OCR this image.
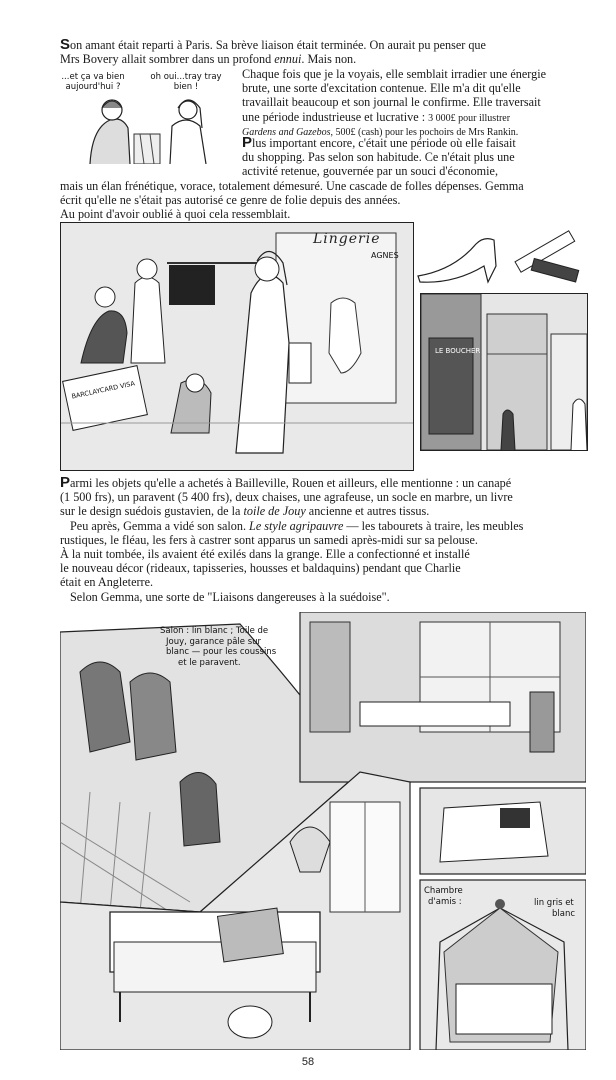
Son amant était reparti à Paris. Sa brève liaison était terminée. On aurait pu penser que

Mrs Bovery allait sombrer dans un profond ennui. Mais non.

...et ça va bien
aujourd'hui ?
oh oui...tray tray
bien !

Chaque fois que je la voyais, elle semblait irradier une énergie

brute, une sorte d'excitation contenue. Elle m'a dit qu'elle

travaillait beaucoup et son journal le confirme. Elle traversait

une période industrieuse et lucrative : 3 000£ pour illustrer

Gardens and Gazebos, 500£ (cash) pour les pochoirs de Mrs Rankin.

Plus important encore, c'était une période où elle faisait

du shopping. Pas selon son habitude. Ce n'était plus une

activité retenue, gouvernée par un souci d'économie,

mais un élan frénétique, vorace, totalement démesuré. Une cascade de folles dépenses. Gemma

écrit qu'elle ne s'était pas autorisé ce genre de folie depuis des années.

Au point d'avoir oublié à quoi cela ressemblait.

Lingerie
AGNES
BARCLAYCARD VISA
LE BOUCHER

Parmi les objets qu'elle a achetés à Bailleville, Rouen et ailleurs, elle mentionne : un canapé

(1 500 frs), un paravent (5 400 frs), deux chaises, une agrafeuse, un socle en marbre, un livre

sur le design suédois gustavien, de la toile de Jouy ancienne et autres tissus.

Peu après, Gemma a vidé son salon. Le style agripauvre — les tabourets à traire, les meubles

rustiques, le fléau, les fers à castrer sont apparus un samedi après-midi sur sa pelouse.

À la nuit tombée, ils avaient été exilés dans la grange. Elle a confectionné et installé

le nouveau décor (rideaux, tapisseries, housses et baldaquins) pendant que Charlie

était en Angleterre.

Selon Gemma, une sorte de "Liaisons dangereuses à la suédoise".

Salon : lin blanc ; Toile de
Jouy, garance pâle sur
blanc — pour les coussins
et le paravent.
Chambre
d'amis :	lin gris et
blanc
58
